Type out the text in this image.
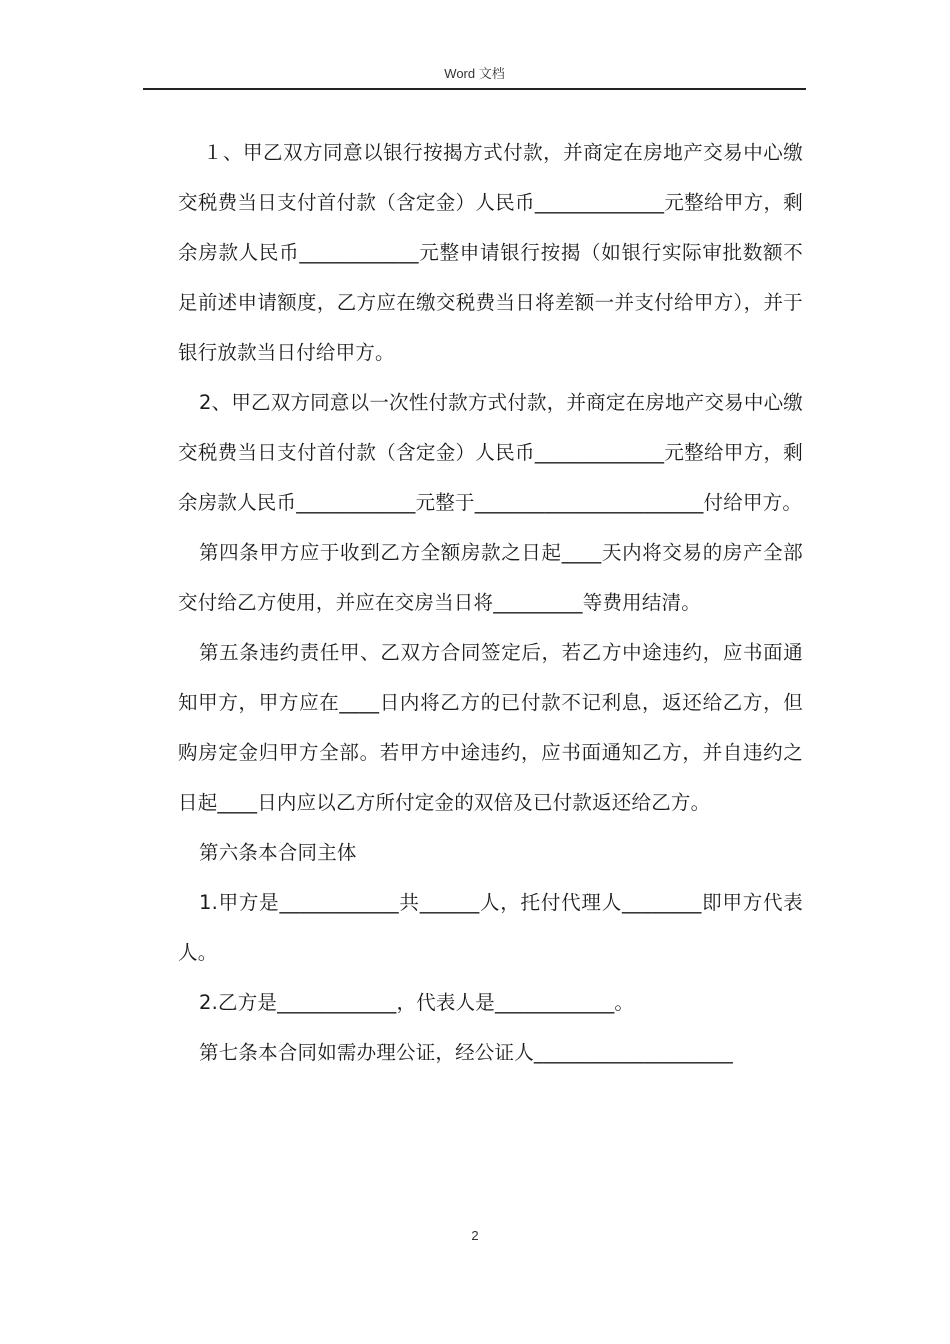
Word 文档

１、甲乙双方同意以银行按揭方式付款，并商定在房地产交易中心缴交税费当日支付首付款（含定金）人民币_____________元整给甲方，剩余房款人民币____________元整申请银行按揭（如银行实际审批数额不足前述申请额度，乙方应在缴交税费当日将差额一并支付给甲方），并于银行放款当日付给甲方。

2、甲乙双方同意以一次性付款方式付款，并商定在房地产交易中心缴交税费当日支付首付款（含定金）人民币_____________元整给甲方，剩余房款人民币____________元整于_______________________付给甲方。

第四条甲方应于收到乙方全额房款之日起____天内将交易的房产全部交付给乙方使用，并应在交房当日将_________等费用结清。

第五条违约责任甲、乙双方合同签定后，若乙方中途违约，应书面通知甲方，甲方应在____日内将乙方的已付款不记利息，返还给乙方，但购房定金归甲方全部。若甲方中途违约，应书面通知乙方，并自违约之日起____日内应以乙方所付定金的双倍及已付款返还给乙方。

第六条本合同主体

1.甲方是____________共______人，托付代理人________即甲方代表人。

2.乙方是____________，代表人是____________。

第七条本合同如需办理公证，经公证人____________________

2
